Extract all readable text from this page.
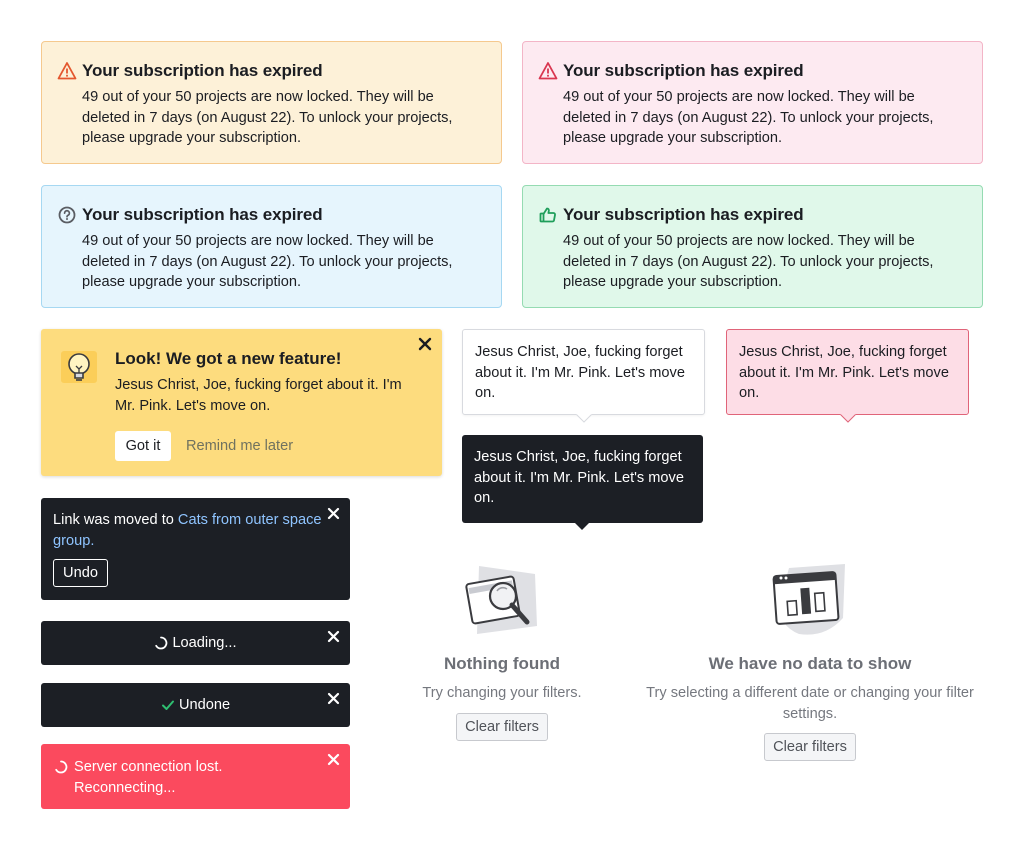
Your subscription has expired
49 out of your 50 projects are now locked. They will be deleted in 7 days (on August 22). To unlock your projects, please upgrade your subscription.
Your subscription has expired
49 out of your 50 projects are now locked. They will be deleted in 7 days (on August 22). To unlock your projects, please upgrade your subscription.
Your subscription has expired
49 out of your 50 projects are now locked. They will be deleted in 7 days (on August 22). To unlock your projects, please upgrade your subscription.
Your subscription has expired
49 out of your 50 projects are now locked. They will be deleted in 7 days (on August 22). To unlock your projects, please upgrade your subscription.
Look! We got a new feature!
Jesus Christ, Joe, fucking forget about it. I'm Mr. Pink. Let's move on.
Got it	Remind me later
Jesus Christ, Joe, fucking forget about it. I'm Mr. Pink. Let's move on.
Jesus Christ, Joe, fucking forget about it. I'm Mr. Pink. Let's move on.
Jesus Christ, Joe, fucking forget about it. I'm Mr. Pink. Let's move on.
Link was moved to Cats from outer space group.
Undo
Loading...
Undone
Server connection lost. Reconnecting...
Nothing found
Try changing your filters.
Clear filters
We have no data to show
Try selecting a different date or changing your filter settings.
Clear filters
